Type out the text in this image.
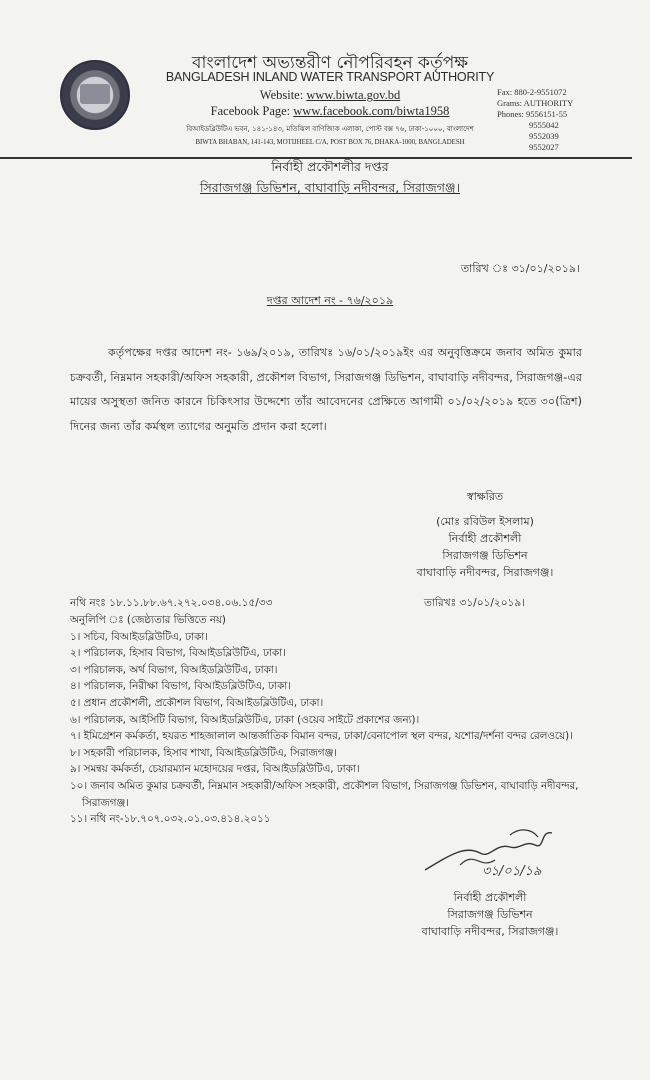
বাংলাদেশ অভ্যন্তরীণ নৌপরিবহন কর্তৃপক্ষ
BANGLADESH INLAND WATER TRANSPORT AUTHORITY
Website: www.biwta.gov.bd
Facebook Page: www.facebook.com/biwta1958
বিআইডব্লিউটিএ ভবন, ১৪১-১৪৩, মতিঝিল বাণিজ্যিক এলাকা, পোস্ট বক্স ৭৬, ঢাকা-১০০০, বাংলাদেশ
BIWTA BHABAN, 141-143, MOTIJHEEL C/A, POST BOX 76, DHAKA-1000, BANGLADESH
Fax: 880-2-9551072
Grams: AUTHORITY
Phones: 9556151-55
9555042
9552039
9552027
নির্বাহী প্রকৌশলীর দপ্তর
সিরাজগঞ্জ ডিভিশন, বাঘাবাড়ি নদীবন্দর, সিরাজগঞ্জ।
তারিখ ঃ ৩১/০১/২০১৯।
দপ্তর আদেশ নং - ৭৬/২০১৯
কর্তৃপক্ষের দপ্তর আদেশ নং- ১৬৯/২০১৯, তারিখঃ ১৬/০১/২০১৯ইং এর অনুবৃত্তিক্রমে জনাব অমিত কুমার চক্রবর্তী, নিম্নমান সহকারী/অফিস সহকারী, প্রকৌশল বিভাগ, সিরাজগঞ্জ ডিভিশন, বাঘাবাড়ি নদীবন্দর, সিরাজগঞ্জ-এর মায়ের অসুস্থতা জনিত কারনে চিকিৎসার উদ্দেশ্যে তাঁর আবেদনের প্রেক্ষিতে আগামী ০১/০২/২০১৯ হতে ৩০(ত্রিশ) দিনের জন্য তাঁর কর্মস্থল ত্যাগের অনুমতি প্রদান করা হলো।
স্বাক্ষরিত
(মোঃ রবিউল ইসলাম)
নির্বাহী প্রকৌশলী
সিরাজগঞ্জ ডিভিশন
বাঘাবাড়ি নদীবন্দর, সিরাজগঞ্জ।
নথি নংঃ ১৮.১১.৮৮.৬৭.২৭২.০৩৪.০৬.১৫/৩৩	তারিখঃ ৩১/০১/২০১৯।
অনুলিপি ঃ (জেষ্ঠ্যতার ভিত্তিতে নয়)
১। সচিব, বিআইডব্লিউটিএ, ঢাকা।
২। পরিচালক, হিসাব বিভাগ, বিআইডব্লিউটিএ, ঢাকা।
৩। পরিচালক, অর্থ বিভাগ, বিআইডব্লিউটিএ, ঢাকা।
৪। পরিচালক, নিরীক্ষা বিভাগ, বিআইডব্লিউটিএ, ঢাকা।
৫। প্রধান প্রকৌশলী, প্রকৌশল বিভাগ, বিআইডব্লিউটিএ, ঢাকা।
৬। পরিচালক, আইসিটি বিভাগ, বিআইডব্লিউটিএ, ঢাকা (ওয়েব সাইটে প্রকাশের জন্য)।
৭। ইমিগ্রেশন কর্মকর্তা, হযরত শাহজালাল আন্তর্জাতিক বিমান বন্দর, ঢাকা/বেনাপোল স্থল বন্দর, যশোর/দর্শনা বন্দর রেলওয়ে)।
৮। সহকারী পরিচালক, হিসাব শাখা, বিআইডব্লিউটিএ, সিরাজগঞ্জ।
৯। সমন্বয় কর্মকর্তা, চেয়ারম্যান মহোদয়ের দপ্তর, বিআইডব্লিউটিএ, ঢাকা।
১০। জনাব অমিত কুমার চক্রবর্তী, নিম্নমান সহকারী/অফিস সহকারী, প্রকৌশল বিভাগ, সিরাজগঞ্জ ডিভিশন, বাঘাবাড়ি নদীবন্দর, সিরাজগঞ্জ।
১১। নথি নং-১৮.৭০৭.০৩২.০১.০৩.৪১৪.২০১১
৩১/০১/১৯
নির্বাহী প্রকৌশলী
সিরাজগঞ্জ ডিভিশন
বাঘাবাড়ি নদীবন্দর, সিরাজগঞ্জ।
